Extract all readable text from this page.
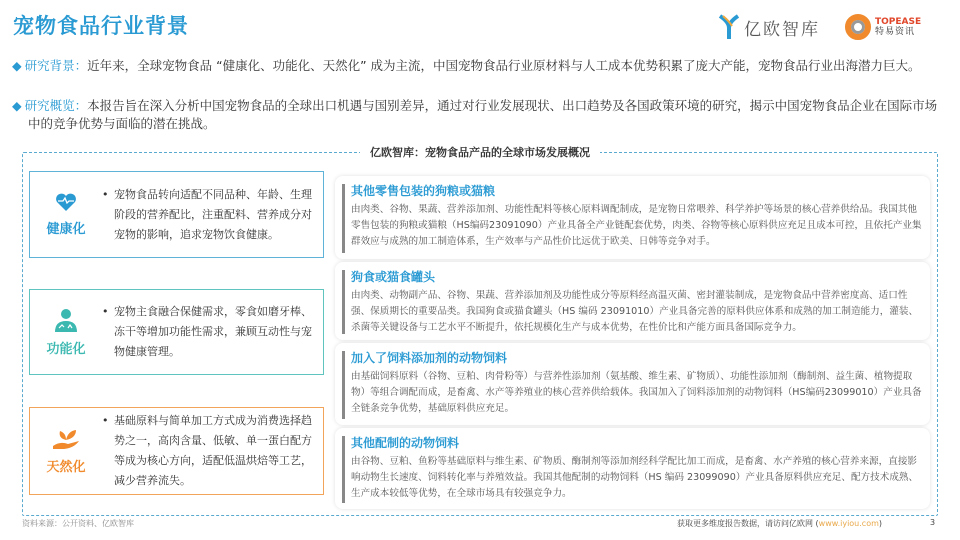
宠物食品行业背景	亿欧智库	TOPEASE
特易资讯
◆ 研究背景：近年来，全球宠物食品 “健康化、功能化、天然化” 成为主流，中国宠物食品行业原材料与人工成本优势积累了庞大产能，宠物食品行业出海潜力巨大。
◆ 研究概览：本报告旨在深入分析中国宠物食品的全球出口机遇与国别差异，通过对行业发展现状、出口趋势及各国政策环境的研究，揭示中国宠物食品企业在国际市场中的竞争优势与面临的潜在挑战。
亿欧智库：宠物食品产品的全球市场发展概况
健康化
• 宠物食品转向适配不同品种、年龄、生理阶段的营养配比，注重配料、营养成分对宠物的影响，追求宠物饮食健康。
功能化
• 宠物主食融合保健需求，零食如磨牙棒、冻干等增加功能性需求，兼顾互动性与宠物健康管理。
天然化
• 基础原料与简单加工方式成为消费选择趋势之一，高肉含量、低敏、单一蛋白配方等成为核心方向，适配低温烘焙等工艺，减少营养流失。
其他零售包装的狗粮或猫粮
由肉类、谷物、果蔬、营养添加剂、功能性配料等核心原料调配制成，是宠物日常喂养、科学养护等场景的核心营养供给品。我国其他零售包装的狗粮或猫粮（HS编码23091090）产业具备全产业链配套优势，肉类、谷物等核心原料供应充足且成本可控，且依托产业集群效应与成熟的加工制造体系，生产效率与产品性价比远优于欧美、日韩等竞争对手。
狗食或猫食罐头
由肉类、动物副产品、谷物、果蔬、营养添加剂及功能性成分等原料经高温灭菌、密封灌装制成，是宠物食品中营养密度高、适口性强、保质期长的重要品类。我国狗食或猫食罐头（HS 编码 23091010）产业具备完善的原料供应体系和成熟的加工制造能力，灌装、杀菌等关键设备与工艺水平不断提升，依托规模化生产与成本优势，在性价比和产能方面具备国际竞争力。
加入了饲料添加剂的动物饲料
由基础饲料原料（谷物、豆粕、肉骨粉等）与营养性添加剂（氨基酸、维生素、矿物质）、功能性添加剂（酶制剂、益生菌、植物提取物）等组合调配而成，是畜禽、水产等养殖业的核心营养供给载体。我国加入了饲料添加剂的动物饲料（HS编码23099010）产业具备全链条竞争优势，基础原料供应充足。
其他配制的动物饲料
由谷物、豆粕、鱼粉等基础原料与维生素、矿物质、酶制剂等添加剂经科学配比加工而成，是畜禽、水产养殖的核心营养来源，直接影响动物生长速度、饲料转化率与养殖效益。我国其他配制的动物饲料（HS 编码 23099090）产业具备原料供应充足、配方技术成熟、生产成本较低等优势，在全球市场具有较强竞争力。
资料来源：公开资料、亿欧智库	获取更多维度报告数据，请访问亿欧网 (www.iyiou.com)	3
